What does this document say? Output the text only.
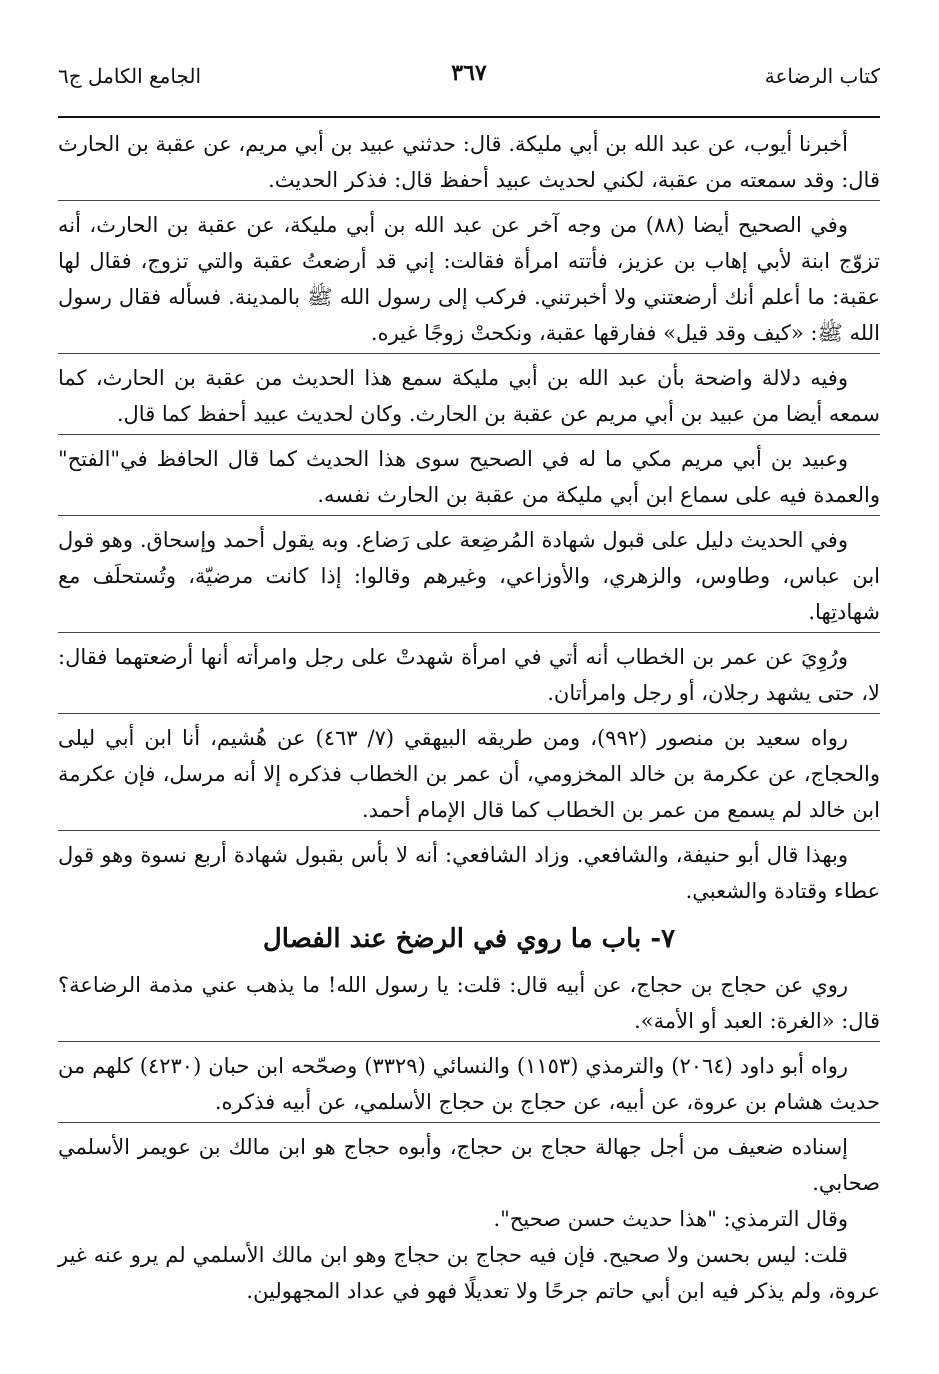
كتاب الرضاعة
٣٦٧
الجامع الكامل ج٦

أخبرنا أيوب، عن عبد الله بن أبي مليكة. قال: حدثني عبيد بن أبي مريم، عن عقبة بن الحارث قال: وقد سمعته من عقبة، لكني لحديث عبيد أحفظ قال: فذكر الحديث.

وفي الصحيح أيضا (٨٨) من وجه آخر عن عبد الله بن أبي مليكة، عن عقبة بن الحارث، أنه تزوّج ابنة لأبي إهاب بن عزيز، فأتته امرأة فقالت: إني قد أرضعتُ عقبة والتي تزوج، فقال لها عقبة: ما أعلم أنك أرضعتني ولا أخبرتني. فركب إلى رسول الله ﷺ بالمدينة. فسأله فقال رسول الله ﷺ: «كيف وقد قيل» ففارقها عقبة، ونكحتْ زوجًا غيره.

وفيه دلالة واضحة بأن عبد الله بن أبي مليكة سمع هذا الحديث من عقبة بن الحارث، كما سمعه أيضا من عبيد بن أبي مريم عن عقبة بن الحارث. وكان لحديث عبيد أحفظ كما قال.

وعبيد بن أبي مريم مكي ما له في الصحيح سوى هذا الحديث كما قال الحافظ في"الفتح" والعمدة فيه على سماع ابن أبي مليكة من عقبة بن الحارث نفسه.

وفي الحديث دليل على قبول شهادة المُرضِعة على رَضاع. وبه يقول أحمد وإسحاق. وهو قول ابن عباس، وطاوس، والزهري، والأوزاعي، وغيرهم وقالوا: إذا كانت مرضيّة، وتُستحلَف مع شهادتِها.

ورُوِيَ عن عمر بن الخطاب أنه أتي في امرأة شهدتْ على رجل وامرأته أنها أرضعتهما فقال: لا، حتى يشهد رجلان، أو رجل وامرأتان.

رواه سعيد بن منصور (٩٩٢)، ومن طريقه البيهقي (٧/ ٤٦٣) عن هُشيم، أنا ابن أبي ليلى والحجاج، عن عكرمة بن خالد المخزومي، أن عمر بن الخطاب فذكره إلا أنه مرسل، فإن عكرمة ابن خالد لم يسمع من عمر بن الخطاب كما قال الإمام أحمد.

وبهذا قال أبو حنيفة، والشافعي. وزاد الشافعي: أنه لا بأس بقبول شهادة أربع نسوة وهو قول عطاء وقتادة والشعبي.

٧- باب ما روي في الرضخ عند الفصال

روي عن حجاج بن حجاج، عن أبيه قال: قلت: يا رسول الله! ما يذهب عني مذمة الرضاعة؟ قال: «الغرة: العبد أو الأمة».

رواه أبو داود (٢٠٦٤) والترمذي (١١٥٣) والنسائي (٣٣٢٩) وصحّحه ابن حبان (٤٢٣٠) كلهم من حديث هشام بن عروة، عن أبيه، عن حجاج بن حجاج الأسلمي، عن أبيه فذكره.

إسناده ضعيف من أجل جهالة حجاج بن حجاج، وأبوه حجاج هو ابن مالك بن عويمر الأسلمي صحابي.

وقال الترمذي: "هذا حديث حسن صحيح".

قلت: ليس بحسن ولا صحيح. فإن فيه حجاج بن حجاج وهو ابن مالك الأسلمي لم يرو عنه غير عروة، ولم يذكر فيه ابن أبي حاتم جرحًا ولا تعديلًا فهو في عداد المجهولين.
